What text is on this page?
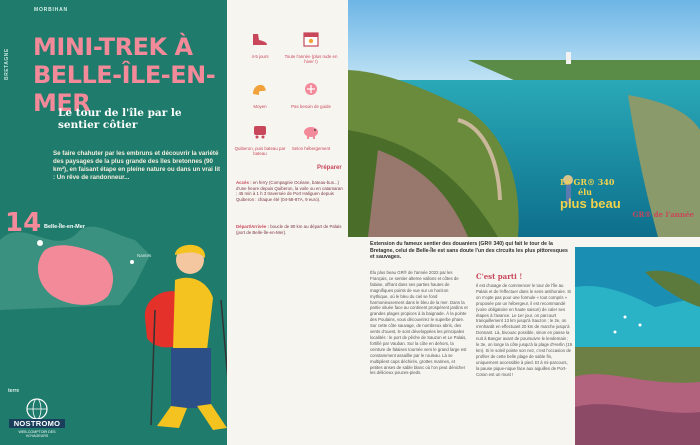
BRETAGNE
MORBIHAN
MINI-TREK À
BELLE-ÎLE-EN-MER
Le tour de l'île par le sentier côtier
Se faire chahuter par les embruns et découvrir la variété des paysages de la plus grande des îles bretonnes (90 km²), en faisant étape en pleine nature ou dans un vrai lit : Un rêve de randonneur...
14 Belle-Île-en-Mer
Nantes
terre
NOSTROMO
WEB-COMPTOIR DES VOYAGEURS
4-5 jours	Toute l'année (plus rude en hiver !)
Moyen	Pas besoin de guide
Quiberon, puis bateau par bateau
Selon hébergement
Préparer
Accès : en ferry (Compagnie Océane, bateau-bus...) d'une heure depuis Quiberon, la voile ou en catamaran ; 45 min à 1 h 3 traversée de Port Haliguen depuis Quiberon : chaque été (04-58-87A, 9 euro).
Départ/Arrivée : boucle de 80 km au départ de Palais (port de Belle-Île-en-Mer).
Le GR® 340
élu
plus beau
GR® de l'année
Extension du fameux sentier des douaniers (GR® 340) qui fait le tour de la Bretagne, celui de Belle-Île est sans doute l'un des circuits les plus pittoresques et sauvages.
Élu plus beau GR® de l'année 2022 par les Français, ce sentier alterne vallons et côtes de falaise, offrant dans ses parties hautes de magnifiques points de vue sur un horizon mythique, où le bleu du ciel se fond harmonieusement dans le bleu de la mer. Dans la partie située face au continent prospèrent jardins et grandes plages propices à la baignade. À la pointe des Poulains, vous découvrirez le superbe phare. Sur cette côte sauvage, de nombreux abris, des vents d'ouest, le sont développées les principales localités : le port de pêche de Sauzon et Le Palais, fortifié par Vauban. Sur la côte en dehors, la ceinture de falaises tournée vers le grand large est constamment assaillie par le rouleau. Là se multiplient caps déchirés, grottes marines, et petites anses de sable blanc où l'on peut dénicher les délicieux pouces-pieds.
C'est parti !
Il est d'usage de commencer le tour de l'île au Palais et de l'effectuer dans le sens antihoraire. Si on n'opte pas pour une formule « tout compris » proposée par un hébergeur, il est recommandé (voire obligatoire en haute saison) de caler ses étapes à l'avance. Le 1er jour, on parcourt tranquillement 13 km jusqu'à Sauzon ; le 2e, on s'enhardit en effectuant 20 km de marche jusqu'à Donnant. Là, bivouac possible, sinon en passe la nuit à Bangor avant de poursuivre le lendemain ; le 3e, on longe la côte jusqu'à la plage d'Herlin (19 km). Si le soleil pointe son nez, c'est l'occasion de profiter de cette belle plage de sable fin, uniquement accessible à pied. Et à mi-parcours, la pause pique-nique face aux aiguilles de Port-Coton est un must !
